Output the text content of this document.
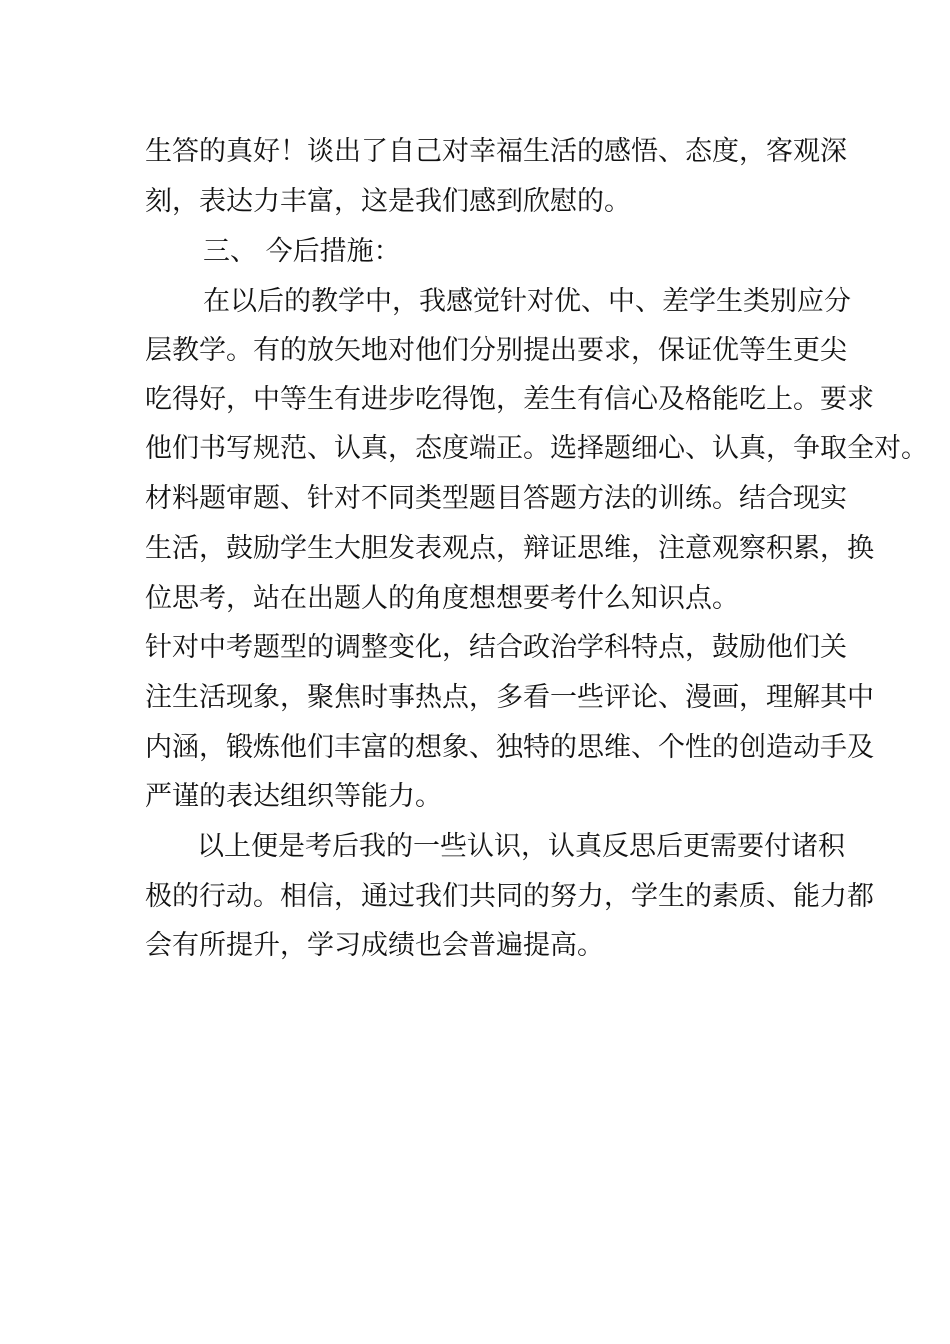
生答的真好！谈出了自己对幸福生活的感悟、态度，客观深

刻，表达力丰富，这是我们感到欣慰的。

三、 今后措施：

在以后的教学中，我感觉针对优、中、差学生类别应分

层教学。有的放矢地对他们分别提出要求，保证优等生更尖

吃得好，中等生有进步吃得饱，差生有信心及格能吃上。要求

他们书写规范、认真，态度端正。选择题细心、认真，争取全对。

材料题审题、针对不同类型题目答题方法的训练。结合现实

生活，鼓励学生大胆发表观点，辩证思维，注意观察积累，换

位思考，站在出题人的角度想想要考什么知识点。

针对中考题型的调整变化，结合政治学科特点，鼓励他们关

注生活现象，聚焦时事热点，多看一些评论、漫画，理解其中

内涵，锻炼他们丰富的想象、独特的思维、个性的创造动手及

严谨的表达组织等能力。

以上便是考后我的一些认识，认真反思后更需要付诸积

极的行动。相信，通过我们共同的努力，学生的素质、能力都

会有所提升，学习成绩也会普遍提高。
